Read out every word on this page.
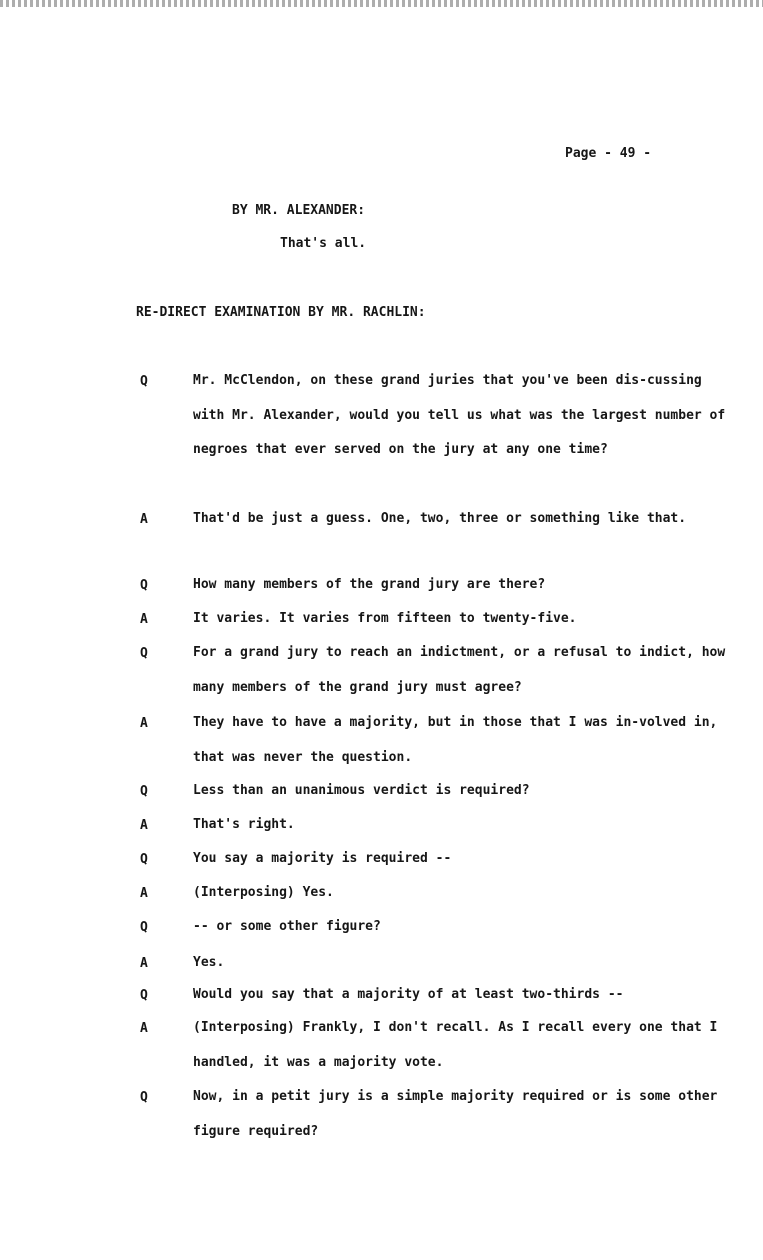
Page - 49 -
BY MR. ALEXANDER:
That's all.
RE-DIRECT EXAMINATION BY MR. RACHLIN:
Q	Mr. McClendon, on these grand juries that you've been dis-cussing with Mr. Alexander, would you tell us what was the largest number of negroes that ever served on the jury at any one time?
A	That'd be just a guess. One, two, three or something like that.
Q	How many members of the grand jury are there?
A	It varies. It varies from fifteen to twenty-five.
Q	For a grand jury to reach an indictment, or a refusal to indict, how many members of the grand jury must agree?
A	They have to have a majority, but in those that I was in-volved in, that was never the question.
Q	Less than an unanimous verdict is required?
A	That's right.
Q	You say a majority is required --
A	(Interposing) Yes.
Q	-- or some other figure?
A	Yes.
Q	Would you say that a majority of at least two-thirds --
A	(Interposing) Frankly, I don't recall. As I recall every one that I handled, it was a majority vote.
Q	Now, in a petit jury is a simple majority required or is some other figure required?
